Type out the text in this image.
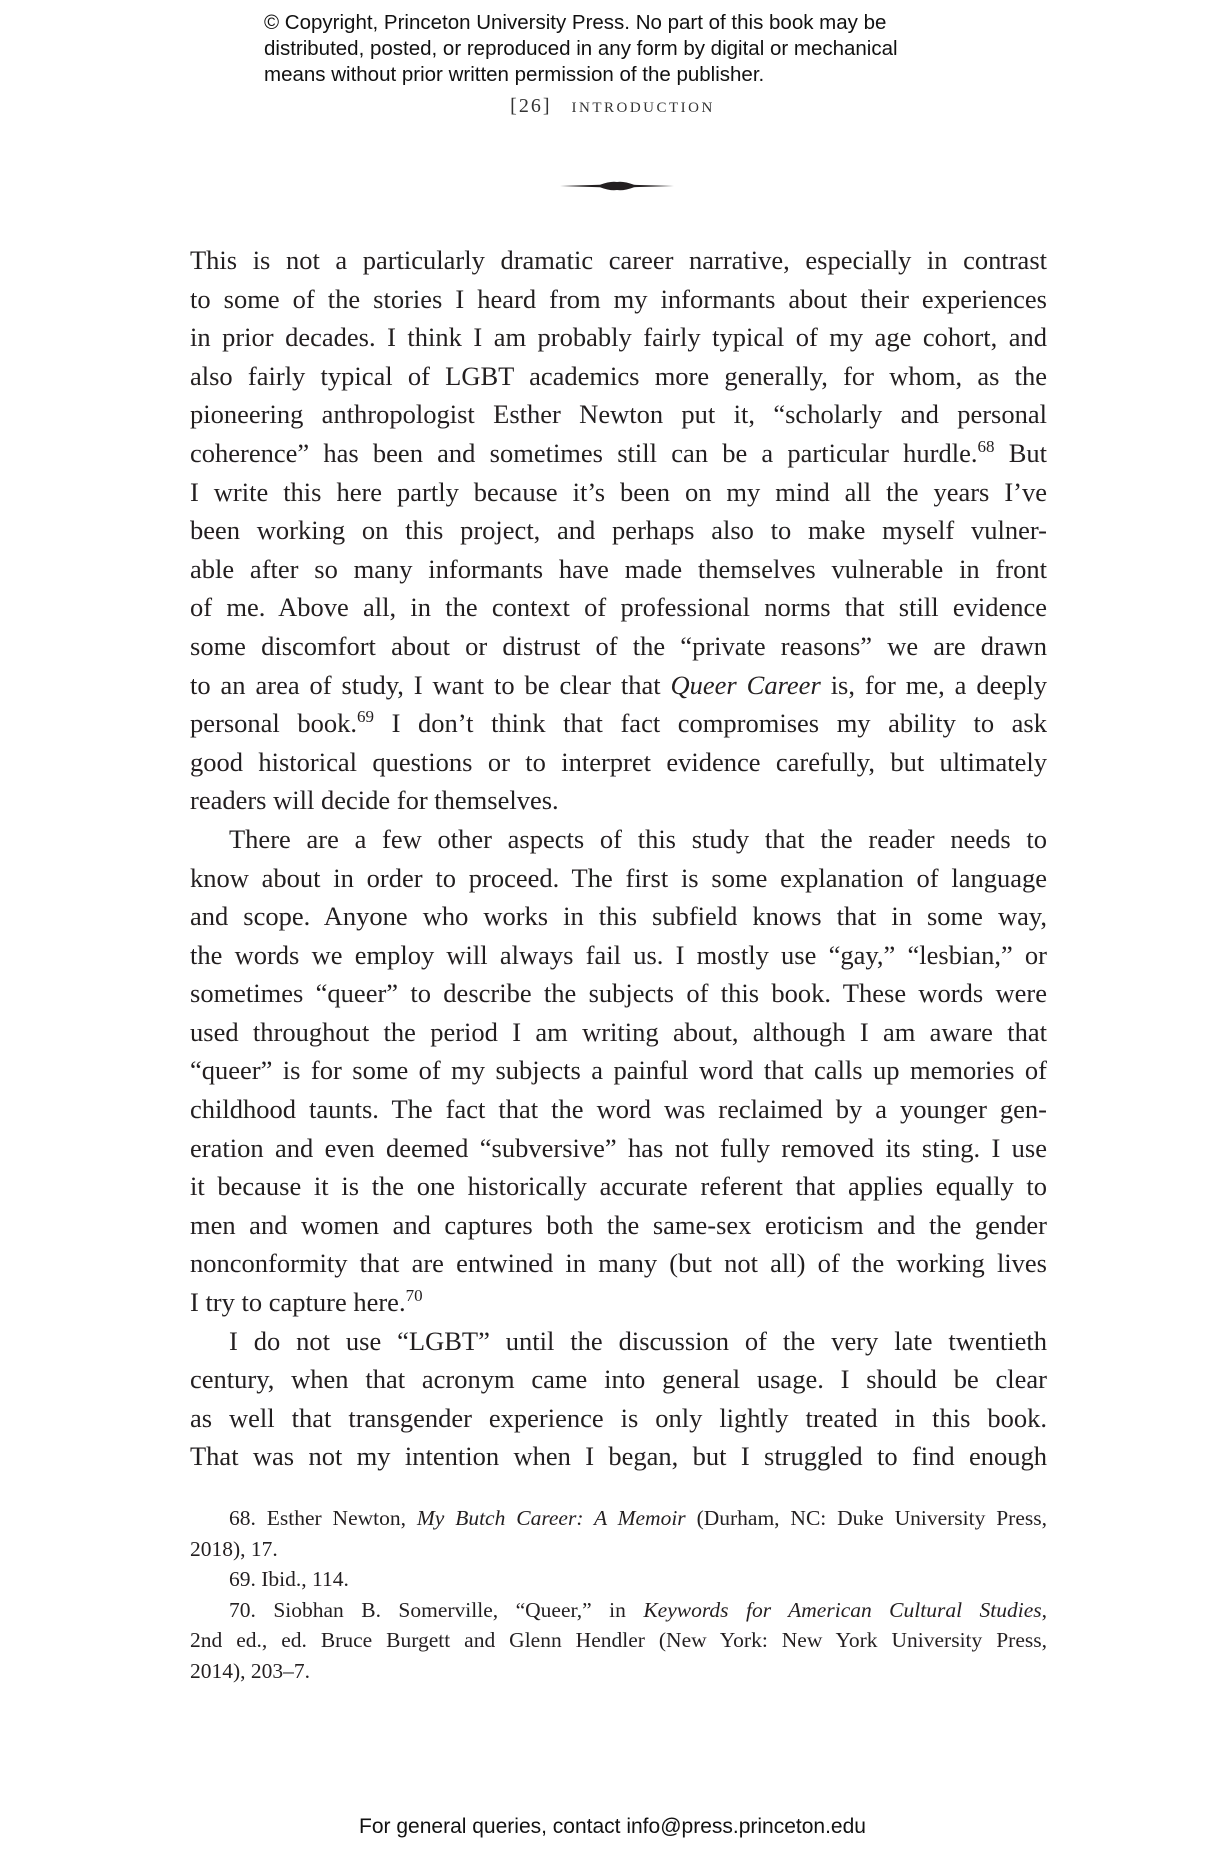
© Copyright, Princeton University Press. No part of this book may be
distributed, posted, or reproduced in any form by digital or mechanical
means without prior written permission of the publisher.
[26] introduction
This is not a particularly dramatic career narrative, especially in contrast
to some of the stories I heard from my informants about their experiences
in prior decades. I think I am probably fairly typical of my age cohort, and
also fairly typical of LGBT academics more generally, for whom, as the
pioneering anthropologist Esther Newton put it, “scholarly and personal
coherence” has been and sometimes still can be a particular hurdle.$^{68}$ But
I write this here partly because it’s been on my mind all the years I’ve
been working on this project, and perhaps also to make myself vulner-
able after so many informants have made themselves vulnerable in front
of me. Above all, in the context of professional norms that still evidence
some discomfort about or distrust of the “private reasons” we are drawn
to an area of study, I want to be clear that Queer Career is, for me, a deeply
personal book.$^{69}$ I don’t think that fact compromises my ability to ask
good historical questions or to interpret evidence carefully, but ultimately
readers will decide for themselves.
There are a few other aspects of this study that the reader needs to
know about in order to proceed. The first is some explanation of language
and scope. Anyone who works in this subfield knows that in some way,
the words we employ will always fail us. I mostly use “gay,” “lesbian,” or
sometimes “queer” to describe the subjects of this book. These words were
used throughout the period I am writing about, although I am aware that
“queer” is for some of my subjects a painful word that calls up memories of
childhood taunts. The fact that the word was reclaimed by a younger gen-
eration and even deemed “subversive” has not fully removed its sting. I use
it because it is the one historically accurate referent that applies equally to
men and women and captures both the same-sex eroticism and the gender
nonconformity that are entwined in many (but not all) of the working lives
I try to capture here.$^{70}$
I do not use “LGBT” until the discussion of the very late twentieth
century, when that acronym came into general usage. I should be clear
as well that transgender experience is only lightly treated in this book.
That was not my intention when I began, but I struggled to find enough
68. Esther Newton, My Butch Career: A Memoir (Durham, NC: Duke University Press,
2018), 17.
69. Ibid., 114.
70. Siobhan B. Somerville, “Queer,” in Keywords for American Cultural Studies,
2nd ed., ed. Bruce Burgett and Glenn Hendler (New York: New York University Press,
2014), 203–7.
For general queries, contact info@press.princeton.edu
